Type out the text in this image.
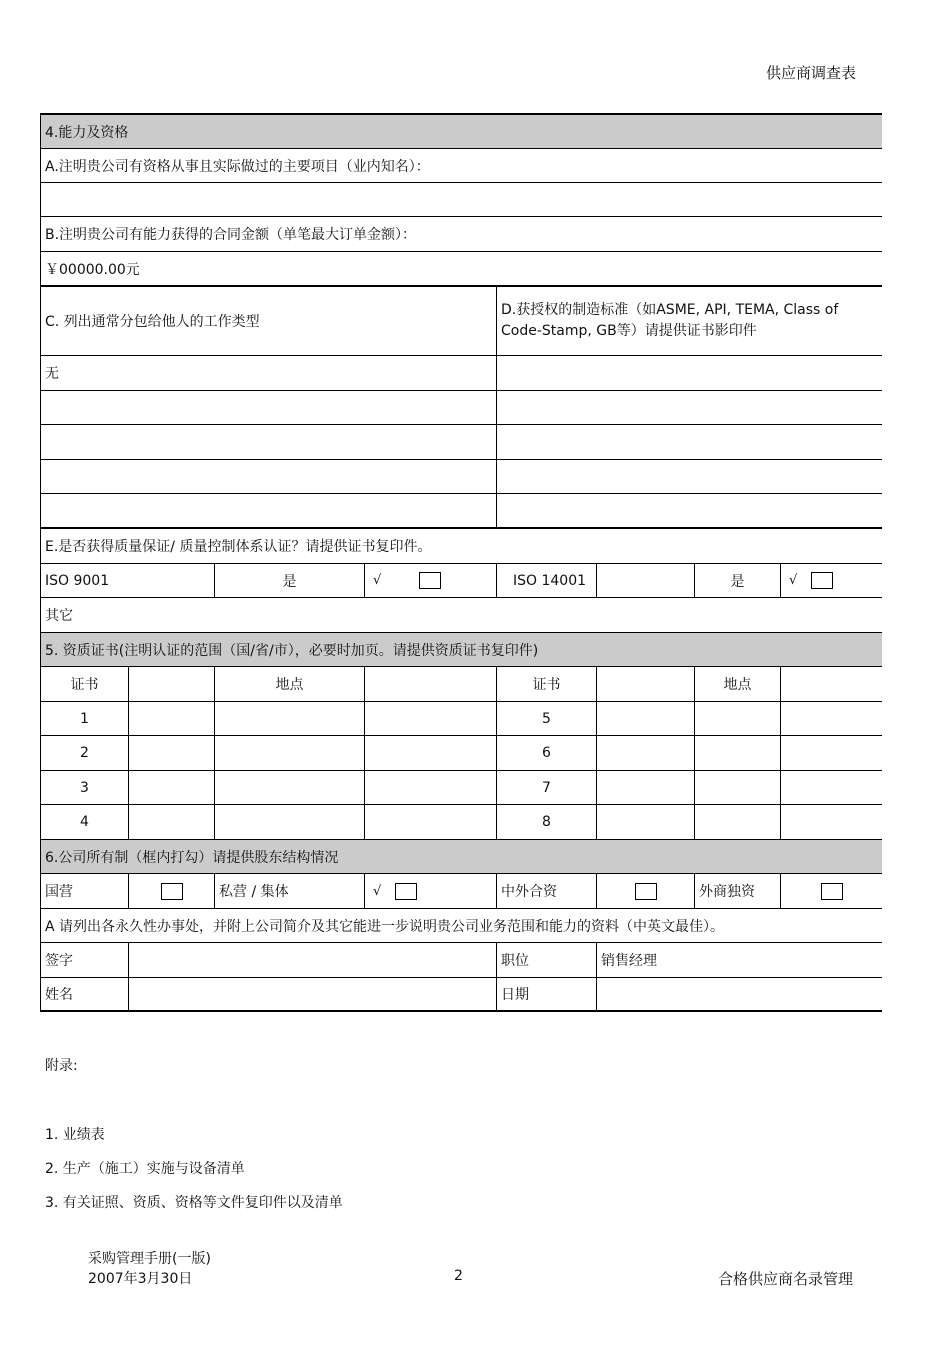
供应商调查表
4.能力及资格
A.注明贵公司有资格从事且实际做过的主要项目（业内知名）：
B.注明贵公司有能力获得的合同金额（单笔最大订单金额）：
￥00000.00元
C. 列出通常分包给他人的工作类型
D.获授权的制造标准（如ASME, API, TEMA, Class of Code-Stamp, GB等）请提供证书影印件
无
E.是否获得质量保证/ 质量控制体系认证？请提供证书复印件。
ISO 9001	是	√	ISO 14001	是	√
其它
5. 资质证书(注明认证的范围（国/省/市），必要时加页。请提供资质证书复印件)
证书	地点	证书	地点
1	5
2	6
3	7
4	8
6.公司所有制（框内打勾）请提供股东结构情况
国营	私营 / 集体	√	中外合资	外商独资
A 请列出各永久性办事处，并附上公司简介及其它能进一步说明贵公司业务范围和能力的资料（中英文最佳）。
签字	职位	销售经理
姓名	日期
附录:
1. 业绩表
2. 生产（施工）实施与设备清单
3. 有关证照、资质、资格等文件复印件以及清单
采购管理手册(一版)
2007年3月30日	2	合格供应商名录管理
